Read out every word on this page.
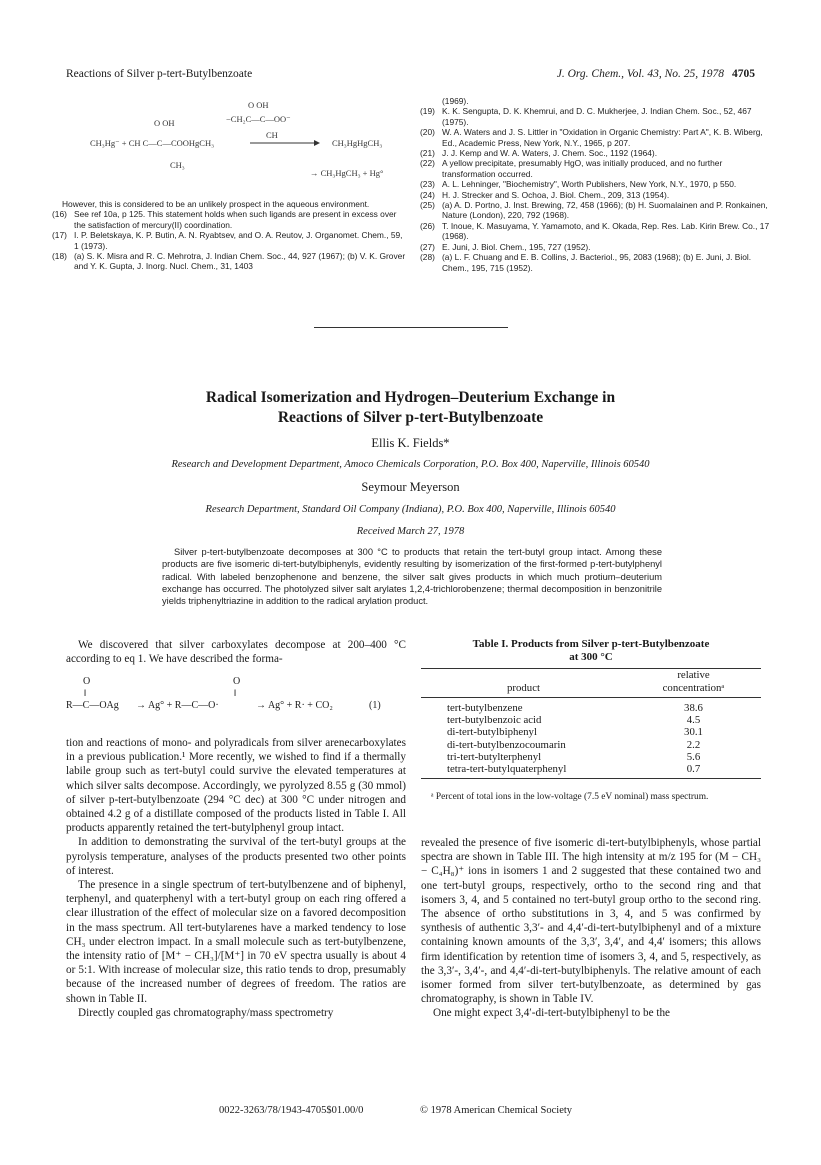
Reactions of Silver p-tert-Butylbenzoate	J. Org. Chem., Vol. 43, No. 25, 1978 4705
O OH
−CH₂C—C—OO⁻
CH
O OH
CH₃Hg⁻ + CH C—C—COOHgCH₃
CH₃
CH₃HgHgCH₃
→ CH₃HgCH₃ + Hg°

However, this is considered to be an unlikely prospect in the aqueous environment.

(16) See ref 10a, p 125. This statement holds when such ligands are present in excess over the satisfaction of mercury(II) coordination.

(17) I. P. Beletskaya, K. P. Butin, A. N. Ryabtsev, and O. A. Reutov, J. Organomet. Chem., 59, 1 (1973).

(18) (a) S. K. Misra and R. C. Mehrotra, J. Indian Chem. Soc., 44, 927 (1967); (b) V. K. Grover and Y. K. Gupta, J. Inorg. Nucl. Chem., 31, 1403

(1969).

(19) K. K. Sengupta, D. K. Khemrui, and D. C. Mukherjee, J. Indian Chem. Soc., 52, 467 (1975).

(20) W. A. Waters and J. S. Littler in "Oxidation in Organic Chemistry: Part A", K. B. Wiberg, Ed., Academic Press, New York, N.Y., 1965, p 207.

(21) J. J. Kemp and W. A. Waters, J. Chem. Soc., 1192 (1964).

(22) A yellow precipitate, presumably HgO, was initially produced, and no further transformation occurred.

(23) A. L. Lehninger, "Biochemistry", Worth Publishers, New York, N.Y., 1970, p 550.

(24) H. J. Strecker and S. Ochoa, J. Biol. Chem., 209, 313 (1954).

(25) (a) A. D. Portno, J. Inst. Brewing, 72, 458 (1966); (b) H. Suomalainen and P. Ronkainen, Nature (London), 220, 792 (1968).

(26) T. Inoue, K. Masuyama, Y. Yamamoto, and K. Okada, Rep. Res. Lab. Kirin Brew. Co., 17 (1968).

(27) E. Juni, J. Biol. Chem., 195, 727 (1952).

(28) (a) L. F. Chuang and E. B. Collins, J. Bacteriol., 95, 2083 (1968); (b) E. Juni, J. Biol. Chem., 195, 715 (1952).

Radical Isomerization and Hydrogen–Deuterium Exchange in
Reactions of Silver p-tert-Butylbenzoate
Ellis K. Fields*
Research and Development Department, Amoco Chemicals Corporation, P.O. Box 400, Naperville, Illinois 60540
Seymour Meyerson
Research Department, Standard Oil Company (Indiana), P.O. Box 400, Naperville, Illinois 60540
Received March 27, 1978
Silver p-tert-butylbenzoate decomposes at 300 °C to products that retain the tert-butyl group intact. Among these products are five isomeric di-tert-butylbiphenyls, evidently resulting by isomerization of the first-formed p-tert-butylphenyl radical. With labeled benzophenone and benzene, the silver salt gives products in which much protium–deuterium exchange has occurred. The photolyzed silver salt arylates 1,2,4-trichlorobenzene; thermal decomposition in benzonitrile yields triphenyltriazine in addition to the radical arylation product.

We discovered that silver carboxylates decompose at 200–400 °C according to eq 1. We have described the forma-

O	O
‖	‖
R—C—OAg → Ag° + R—C—O·	→ Ag° + R· + CO₂	(1)

tion and reactions of mono- and polyradicals from silver arenecarboxylates in a previous publication.¹ More recently, we wished to find if a thermally labile group such as tert-butyl could survive the elevated temperatures at which silver salts decompose. Accordingly, we pyrolyzed 8.55 g (30 mmol) of silver p-tert-butylbenzoate (294 °C dec) at 300 °C under nitrogen and obtained 4.2 g of a distillate composed of the products listed in Table I. All products apparently retained the tert-butylphenyl group intact.

In addition to demonstrating the survival of the tert-butyl groups at the pyrolysis temperature, analyses of the products presented two other points of interest.

The presence in a single spectrum of tert-butylbenzene and of biphenyl, terphenyl, and quaterphenyl with a tert-butyl group on each ring offered a clear illustration of the effect of molecular size on a favored decomposition in the mass spectrum. All tert-butylarenes have a marked tendency to lose CH₃ under electron impact. In a small molecule such as tert-butylbenzene, the intensity ratio of [M⁺ − CH₃]/[M⁺] in 70 eV spectra usually is about 4 or 5:1. With increase of molecular size, this ratio tends to drop, presumably because of the increased number of degrees of freedom. The ratios are shown in Table II.

Directly coupled gas chromatography/mass spectrometry

Table I. Products from Silver p-tert-Butylbenzoate
at 300 °C
	relative
product	concentrationᵃ
tert-butylbenzene	38.6
tert-butylbenzoic acid	4.5
di-tert-butylbiphenyl	30.1
di-tert-butylbenzocoumarin	2.2
tri-tert-butylterphenyl	5.6
tetra-tert-butylquaterphenyl	0.7
ᵃ Percent of total ions in the low-voltage (7.5 eV nominal) mass spectrum.

revealed the presence of five isomeric di-tert-butylbiphenyls, whose partial spectra are shown in Table III. The high intensity at m/z 195 for (M − CH₃ − C₄H₈)⁺ ions in isomers 1 and 2 suggested that these contained two and one tert-butyl groups, respectively, ortho to the second ring and that isomers 3, 4, and 5 contained no tert-butyl group ortho to the second ring. The absence of ortho substitutions in 3, 4, and 5 was confirmed by synthesis of authentic 3,3′- and 4,4′-di-tert-butylbiphenyl and of a mixture containing known amounts of the 3,3′, 3,4′, and 4,4′ isomers; this allows firm identification by retention time of isomers 3, 4, and 5, respectively, as the 3,3′-, 3,4′-, and 4,4′-di-tert-butylbiphenyls. The relative amount of each isomer formed from silver tert-butylbenzoate, as determined by gas chromatography, is shown in Table IV.

One might expect 3,4′-di-tert-butylbiphenyl to be the

0022-3263/78/1943-4705$01.00/0	© 1978 American Chemical Society
